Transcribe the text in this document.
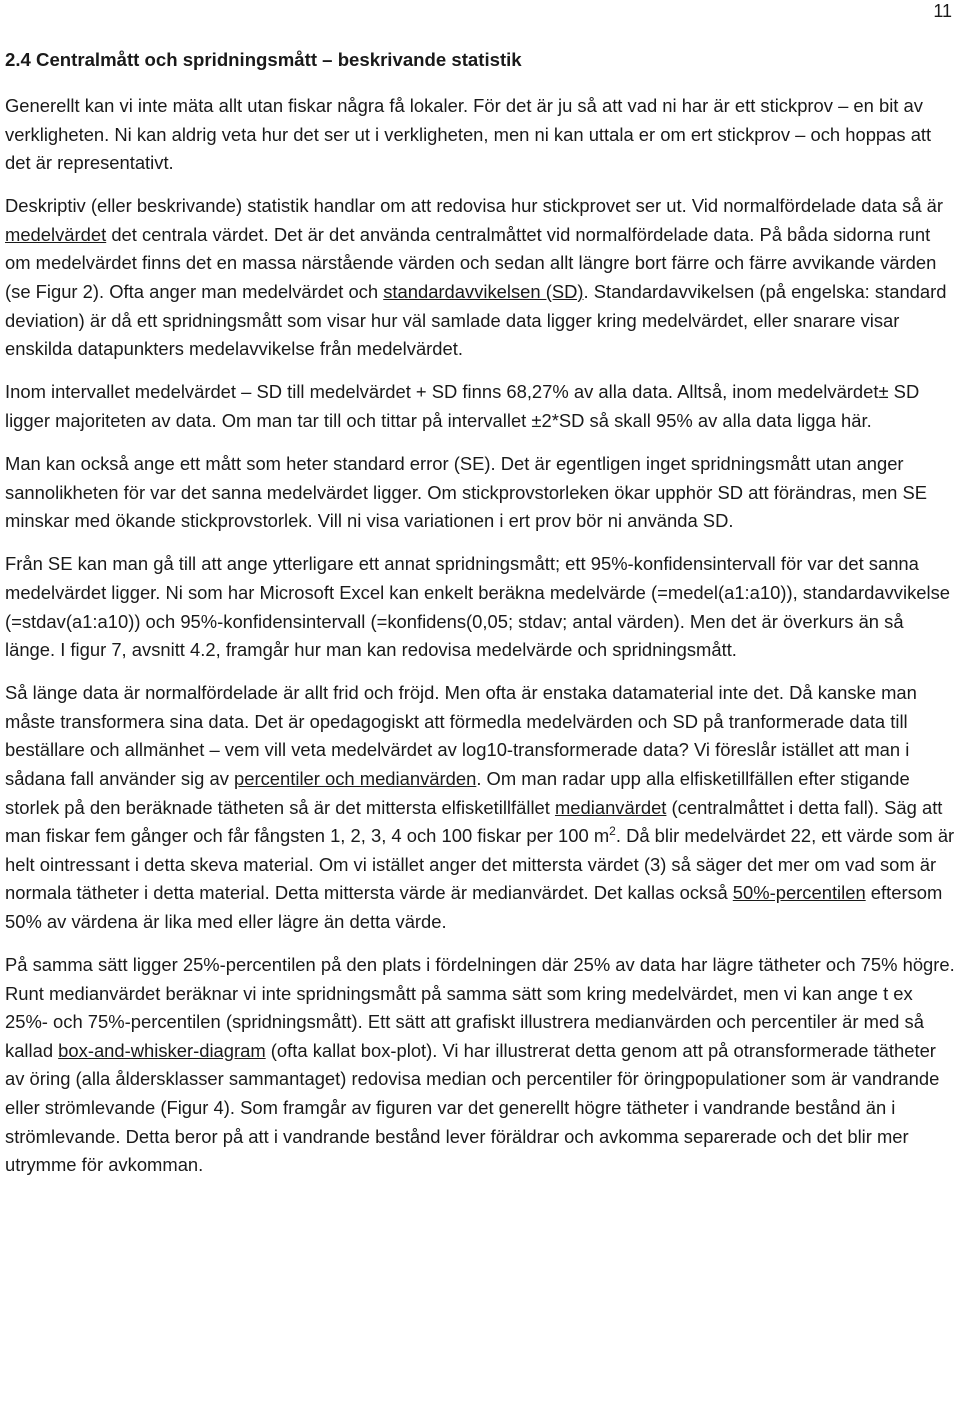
11
2.4 Centralmått och spridningsmått – beskrivande statistik

Generellt kan vi inte mäta allt utan fiskar några få lokaler. För det är ju så att vad ni har är ett stickprov – en bit av verkligheten. Ni kan aldrig veta hur det ser ut i verkligheten, men ni kan uttala er om ert stickprov – och hoppas att det är representativt.

Deskriptiv (eller beskrivande) statistik handlar om att redovisa hur stickprovet ser ut. Vid normalfördelade data så är medelvärdet det centrala värdet. Det är det använda centralmåttet vid normalfördelade data. På båda sidorna runt om medelvärdet finns det en massa närstående värden och sedan allt längre bort färre och färre avvikande värden (se Figur 2). Ofta anger man medelvärdet och standardavvikelsen (SD). Standardavvikelsen (på engelska: standard deviation) är då ett spridningsmått som visar hur väl samlade data ligger kring medelvärdet, eller snarare visar enskilda datapunkters medelavvikelse från medelvärdet.

Inom intervallet medelvärdet – SD till medelvärdet + SD finns 68,27% av alla data. Alltså, inom medelvärdet± SD ligger majoriteten av data. Om man tar till och tittar på intervallet ±2*SD så skall 95% av alla data ligga här.

Man kan också ange ett mått som heter standard error (SE). Det är egentligen inget spridningsmått utan anger sannolikheten för var det sanna medelvärdet ligger. Om stickprovstorleken ökar upphör SD att förändras, men SE minskar med ökande stickprovstorlek. Vill ni visa variationen i ert prov bör ni använda SD.

Från SE kan man gå till att ange ytterligare ett annat spridningsmått; ett 95%-konfidensintervall för var det sanna medelvärdet ligger. Ni som har Microsoft Excel kan enkelt beräkna medelvärde (=medel(a1:a10)), standardavvikelse (=stdav(a1:a10)) och 95%-konfidensintervall (=konfidens(0,05; stdav; antal värden). Men det är överkurs än så länge. I figur 7, avsnitt 4.2, framgår hur man kan redovisa medelvärde och spridningsmått.

Så länge data är normalfördelade är allt frid och fröjd. Men ofta är enstaka datamaterial inte det. Då kanske man måste transformera sina data. Det är opedagogiskt att förmedla medelvärden och SD på tranformerade data till beställare och allmänhet – vem vill veta medelvärdet av log10-transformerade data? Vi föreslår istället att man i sådana fall använder sig av percentiler och medianvärden. Om man radar upp alla elfisketillfällen efter stigande storlek på den beräknade tätheten så är det mittersta elfisketillfället medianvärdet (centralmåttet i detta fall). Säg att man fiskar fem gånger och får fångsten 1, 2, 3, 4 och 100 fiskar per 100 $m^2$. Då blir medelvärdet 22, ett värde som är helt ointressant i detta skeva material. Om vi istället anger det mittersta värdet (3) så säger det mer om vad som är normala tätheter i detta material. Detta mittersta värde är medianvärdet. Det kallas också 50%-percentilen eftersom 50% av värdena är lika med eller lägre än detta värde.

På samma sätt ligger 25%-percentilen på den plats i fördelningen där 25% av data har lägre tätheter och 75% högre. Runt medianvärdet beräknar vi inte spridningsmått på samma sätt som kring medelvärdet, men vi kan ange t ex 25%- och 75%-percentilen (spridningsmått). Ett sätt att grafiskt illustrera medianvärden och percentiler är med så kallad box-and-whisker-diagram (ofta kallat box-plot). Vi har illustrerat detta genom att på otransformerade tätheter av öring (alla åldersklasser sammantaget) redovisa median och percentiler för öringpopulationer som är vandrande eller strömlevande (Figur 4). Som framgår av figuren var det generellt högre tätheter i vandrande bestånd än i strömlevande. Detta beror på att i vandrande bestånd lever föräldrar och avkomma separerade och det blir mer utrymme för avkomman.
